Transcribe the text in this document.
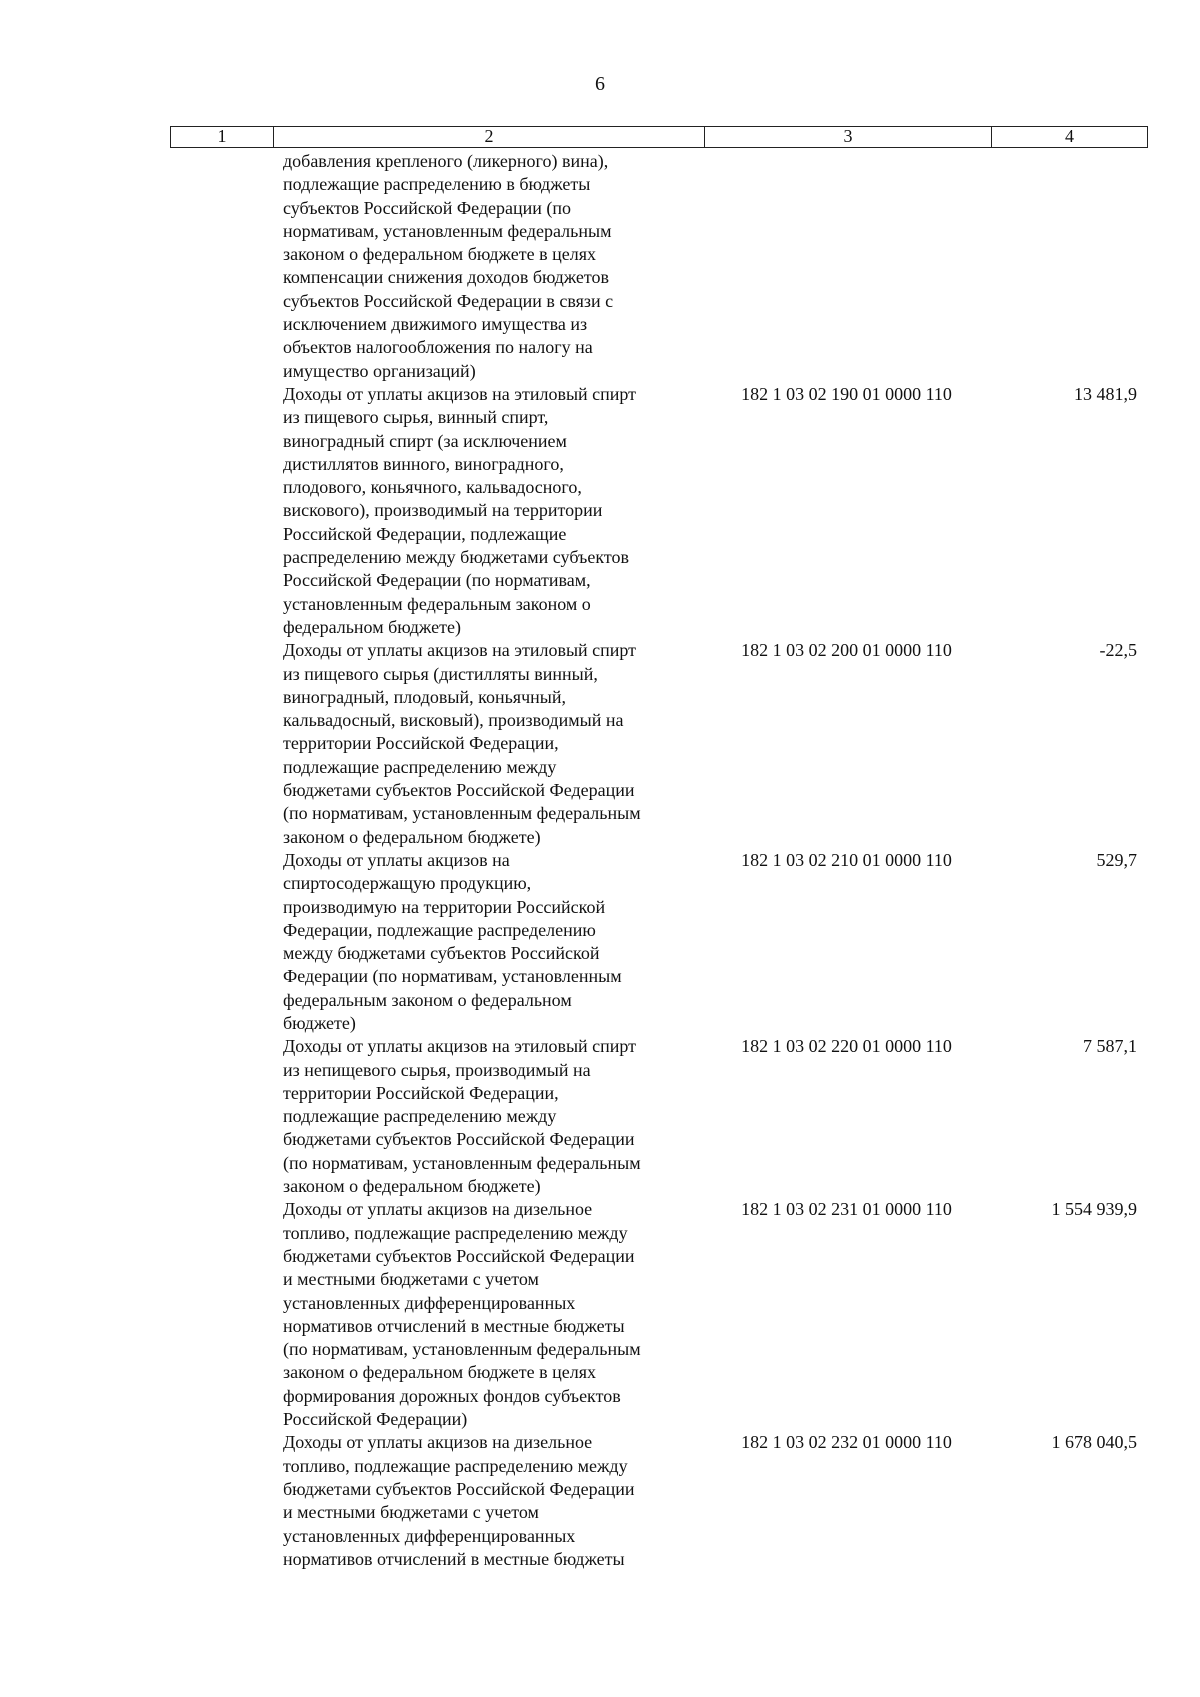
6
1	2	3	4
добавления крепленого (ликерного) вина),
подлежащие распределению в бюджеты
субъектов Российской Федерации (по
нормативам, установленным федеральным
законом о федеральном бюджете в целях
компенсации снижения доходов бюджетов
субъектов Российской Федерации в связи с
исключением движимого имущества из
объектов налогообложения по налогу на
имущество организаций)
Доходы от уплаты акцизов на этиловый спирт
из пищевого сырья, винный спирт,
виноградный спирт (за исключением
дистиллятов винного, виноградного,
плодового, коньячного, кальвадосного,
вискового), производимый на территории
Российской Федерации, подлежащие
распределению между бюджетами субъектов
Российской Федерации (по нормативам,
установленным федеральным законом о
федеральном бюджете)
182 1 03 02 190 01 0000 110	13 481,9
Доходы от уплаты акцизов на этиловый спирт
из пищевого сырья (дистилляты винный,
виноградный, плодовый, коньячный,
кальвадосный, висковый), производимый на
территории Российской Федерации,
подлежащие распределению между
бюджетами субъектов Российской Федерации
(по нормативам, установленным федеральным
законом о федеральном бюджете)
182 1 03 02 200 01 0000 110	-22,5
Доходы от уплаты акцизов на
спиртосодержащую продукцию,
производимую на территории Российской
Федерации, подлежащие распределению
между бюджетами субъектов Российской
Федерации (по нормативам, установленным
федеральным законом о федеральном
бюджете)
182 1 03 02 210 01 0000 110	529,7
Доходы от уплаты акцизов на этиловый спирт
из непищевого сырья, производимый на
территории Российской Федерации,
подлежащие распределению между
бюджетами субъектов Российской Федерации
(по нормативам, установленным федеральным
законом о федеральном бюджете)
182 1 03 02 220 01 0000 110	7 587,1
Доходы от уплаты акцизов на дизельное
топливо, подлежащие распределению между
бюджетами субъектов Российской Федерации
и местными бюджетами с учетом
установленных дифференцированных
нормативов отчислений в местные бюджеты
(по нормативам, установленным федеральным
законом о федеральном бюджете в целях
формирования дорожных фондов субъектов
Российской Федерации)
182 1 03 02 231 01 0000 110	1 554 939,9
Доходы от уплаты акцизов на дизельное
топливо, подлежащие распределению между
бюджетами субъектов Российской Федерации
и местными бюджетами с учетом
установленных дифференцированных
нормативов отчислений в местные бюджеты
182 1 03 02 232 01 0000 110	1 678 040,5
